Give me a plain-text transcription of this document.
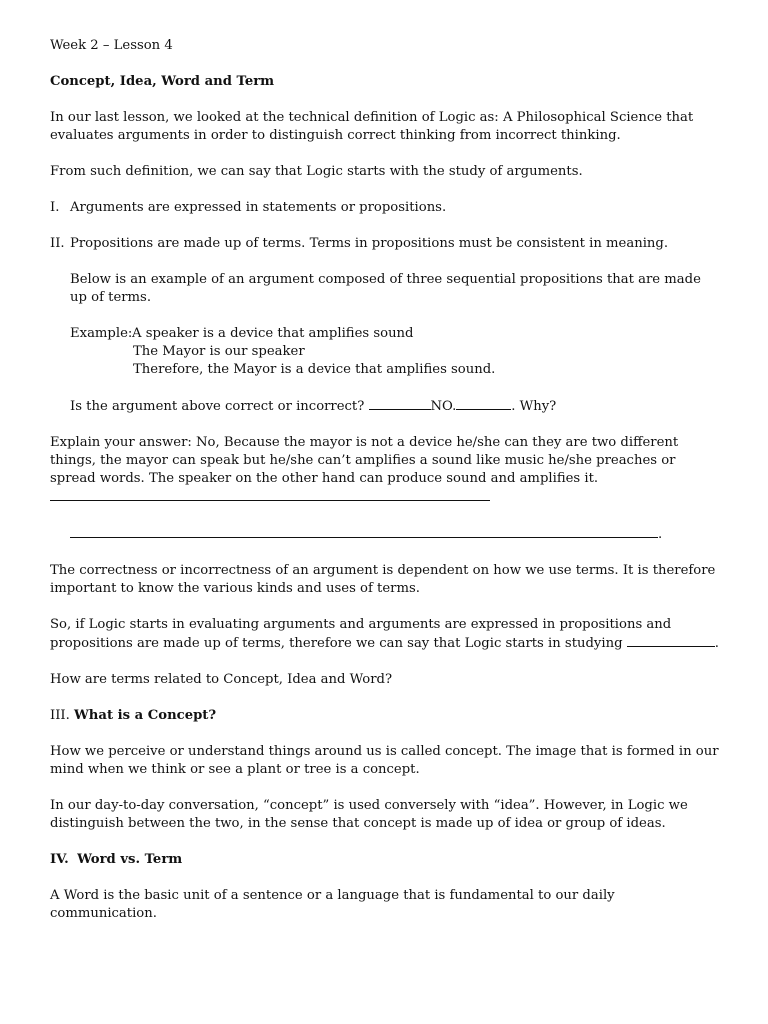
Week 2 – Lesson 4

Concept, Idea, Word and Term

In our last lesson, we looked at the technical definition of Logic as: A Philosophical Science that evaluates arguments in order to distinguish correct thinking from incorrect thinking.

From such definition, we can say that Logic starts with the study of arguments.

I. Arguments are expressed in statements or propositions.

II. Propositions are made up of terms. Terms in propositions must be consistent in meaning.

Below is an example of an argument composed of three sequential propositions that are made up of terms.

Example:A speaker is a device that amplifies sound
The Mayor is our speaker
Therefore, the Mayor is a device that amplifies sound.

Is the argument above correct or incorrect?	NO.	. Why?

Explain your answer: No, Because the mayor is not a device he/she can they are two different things, the mayor can speak but he/she can’t amplifies a sound like music he/she preaches or spread words. The speaker on the other hand can produce sound and amplifies it.

.

The correctness or incorrectness of an argument is dependent on how we use terms. It is therefore important to know the various kinds and uses of terms.

So, if Logic starts in evaluating arguments and arguments are expressed in propositions and propositions are made up of terms, therefore we can say that Logic starts in studying	.

How are terms related to Concept, Idea and Word?

III. What is a Concept?

How we perceive or understand things around us is called concept. The image that is formed in our mind when we think or see a plant or tree is a concept.

In our day-to-day conversation, “concept” is used conversely with “idea”. However, in Logic we distinguish between the two, in the sense that concept is made up of idea or group of ideas.

IV. Word vs. Term

A Word is the basic unit of a sentence or a language that is fundamental to our daily communication.
